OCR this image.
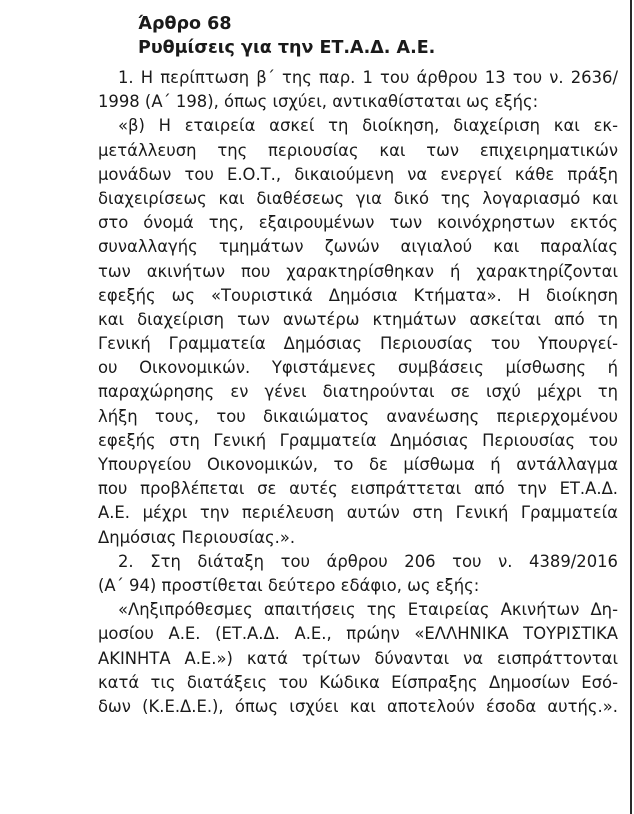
Άρθρο 68
Ρυθμίσεις για την ΕΤ.Α.Δ. Α.Ε.
1. Η περίπτωση β΄ της παρ. 1 του άρθρου 13 του ν. 2636/
1998 (Α΄ 198), όπως ισχύει, αντικαθίσταται ως εξής:
«β) Η εταιρεία ασκεί τη διοίκηση, διαχείριση και εκ-
μετάλλευση της περιουσίας και των επιχειρηματικών
μονάδων του Ε.Ο.Τ., δικαιούμενη να ενεργεί κάθε πράξη
διαχειρίσεως και διαθέσεως για δικό της λογαριασμό και
στο όνομά της, εξαιρουμένων των κοινόχρηστων εκτός
συναλλαγής τμημάτων ζωνών αιγιαλού και παραλίας
των ακινήτων που χαρακτηρίσθηκαν ή χαρακτηρίζονται
εφεξής ως «Τουριστικά Δημόσια Κτήματα». Η διοίκηση
και διαχείριση των ανωτέρω κτημάτων ασκείται από τη
Γενική Γραμματεία Δημόσιας Περιουσίας του Υπουργεί-
ου Οικονομικών. Υφιστάμενες συμβάσεις μίσθωσης ή
παραχώρησης εν γένει διατηρούνται σε ισχύ μέχρι τη
λήξη τους, του δικαιώματος ανανέωσης περιερχομένου
εφεξής στη Γενική Γραμματεία Δημόσιας Περιουσίας του
Υπουργείου Οικονομικών, το δε μίσθωμα ή αντάλλαγμα
που προβλέπεται σε αυτές εισπράττεται από την ΕΤ.Α.Δ.
Α.Ε. μέχρι την περιέλευση αυτών στη Γενική Γραμματεία
Δημόσιας Περιουσίας.».
2. Στη διάταξη του άρθρου 206 του ν. 4389/2016
(Α΄ 94) προστίθεται δεύτερο εδάφιο, ως εξής:
«Ληξιπρόθεσμες απαιτήσεις της Εταιρείας Ακινήτων Δη-
μοσίου Α.Ε. (ΕΤ.Α.Δ. Α.Ε., πρώην «ΕΛΛΗΝΙΚΑ ΤΟΥΡΙΣΤΙΚΑ
ΑΚΙΝΗΤΑ Α.Ε.») κατά τρίτων δύνανται να εισπράττονται
κατά τις διατάξεις του Κώδικα Είσπραξης Δημοσίων Εσό-
δων (Κ.Ε.Δ.Ε.), όπως ισχύει και αποτελούν έσοδα αυτής.».
